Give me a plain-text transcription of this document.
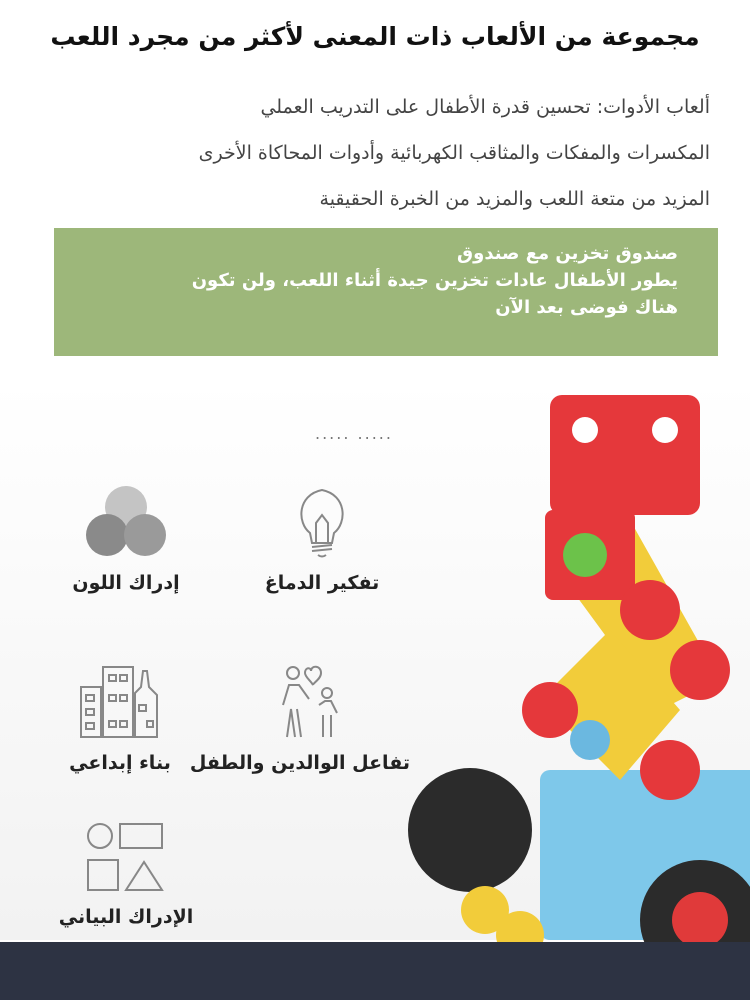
مجموعة من الألعاب ذات المعنى لأكثر من مجرد اللعب
ألعاب الأدوات: تحسين قدرة الأطفال على التدريب العملي
المكسرات والمفكات والمثاقب الكهربائية وأدوات المحاكاة الأخرى
المزيد من متعة اللعب والمزيد من الخبرة الحقيقية
صندوق تخزين مع صندوق
يطور الأطفال عادات تخزين جيدة أثناء اللعب، ولن تكون
هناك فوضى بعد الآن
..... .....
تفكير الدماغ
إدراك اللون
تفاعل الوالدين والطفل
بناء إبداعي
الإدراك البياني
